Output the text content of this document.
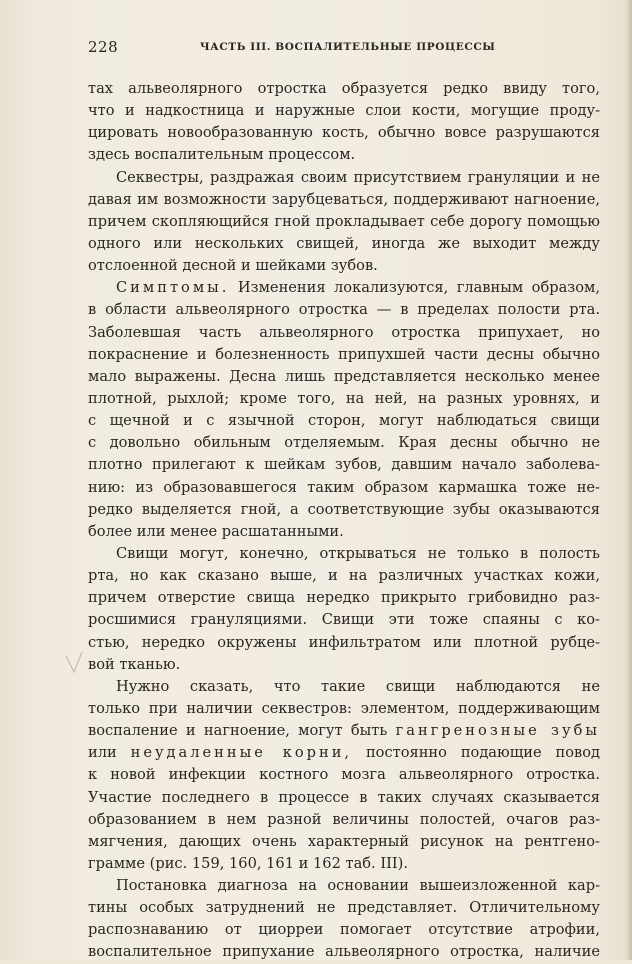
228	ЧАСТЬ III. ВОСПАЛИТЕЛЬНЫЕ ПРОЦЕССЫ
тах альвеолярного отростка образуется редко ввиду того,
что и надкостница и наружные слои кости, могущие проду-
цировать новообразованную кость, обычно вовсе разрушаются
здесь воспалительным процессом.
Секвестры, раздражая своим присутствием грануляции и не
давая им возможности зарубцеваться, поддерживают нагноение,
причем скопляющийся гной прокладывает себе дорогу помощью
одного или нескольких свищей, иногда же выходит между
отслоенной десной и шейками зубов.
Симптомы. Изменения локализуются, главным образом,
в области альвеолярного отростка — в пределах полости рта.
Заболевшая часть альвеолярного отростка припухает, но
покраснение и болезненность припухшей части десны обычно
мало выражены. Десна лишь представляется несколько менее
плотной, рыхлой; кроме того, на ней, на разных уровнях, и
с щечной и с язычной сторон, могут наблюдаться свищи
с довольно обильным отделяемым. Края десны обычно не
плотно прилегают к шейкам зубов, давшим начало заболева-
нию: из образовавшегося таким образом кармашка тоже не-
редко выделяется гной, а соответствующие зубы оказываются
более или менее расшатанными.
Свищи могут, конечно, открываться не только в полость
рта, но как сказано выше, и на различных участках кожи,
причем отверстие свища нередко прикрыто грибовидно раз-
росшимися грануляциями. Свищи эти тоже спаяны с ко-
стью, нередко окружены инфильтратом или плотной рубце-
вой тканью.
Нужно сказать, что такие свищи наблюдаются не
только при наличии секвестров: элементом, поддерживающим
воспаление и нагноение, могут быть гангренозные зубы
или неудаленные корни, постоянно подающие повод
к новой инфекции костного мозга альвеолярного отростка.
Участие последнего в процессе в таких случаях сказывается
образованием в нем разной величины полостей, очагов раз-
мягчения, дающих очень характерный рисунок на рентгено-
грамме (рис. 159, 160, 161 и 162 таб. III).
Постановка диагноза на основании вышеизложенной кар-
тины особых затруднений не представляет. Отличительному
распознаванию от циорреи помогает отсутствие атрофии,
воспалительное припухание альвеолярного отростка, наличие
